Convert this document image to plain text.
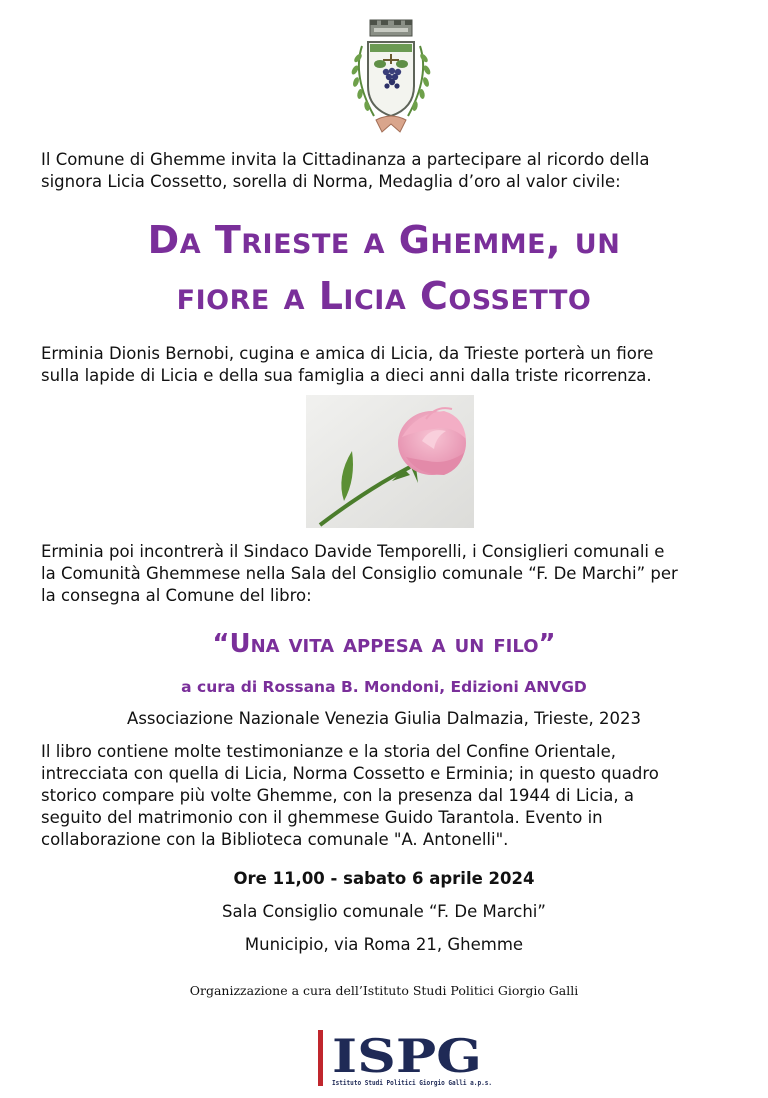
Il Comune di Ghemme invita la Cittadinanza a partecipare al ricordo della

signora Licia Cossetto, sorella di Norma, Medaglia d’oro al valor civile:
Da Trieste a Ghemme, un
fiore a Licia Cossetto
Erminia Dionis Bernobi, cugina e amica di Licia, da Trieste porterà un fiore

sulla lapide di Licia e della sua famiglia a dieci anni dalla triste ricorrenza.
Erminia poi incontrerà il Sindaco Davide Temporelli, i Consiglieri comunali e
la Comunità Ghemmese nella Sala del Consiglio comunale “F. De Marchi” per

la consegna al Comune del libro:
“Una vita appesa a un filo”
a cura di Rossana B. Mondoni, Edizioni ANVGD
Associazione Nazionale Venezia Giulia Dalmazia, Trieste, 2023
Il libro contiene molte testimonianze e la storia del Confine Orientale,
intrecciata con quella di Licia, Norma Cossetto e Erminia; in questo quadro
storico compare più volte Ghemme, con la presenza dal 1944 di Licia, a
seguito del matrimonio con il ghemmese Guido Tarantola. Evento in

collaborazione con la Biblioteca comunale "A. Antonelli".
Ore 11,00 - sabato 6 aprile 2024
Sala Consiglio comunale “F. De Marchi”
Municipio, via Roma 21, Ghemme
Organizzazione a cura dell’Istituto Studi Politici Giorgio Galli
ISPG
Istituto Studi Politici Giorgio Galli a.p.s.
